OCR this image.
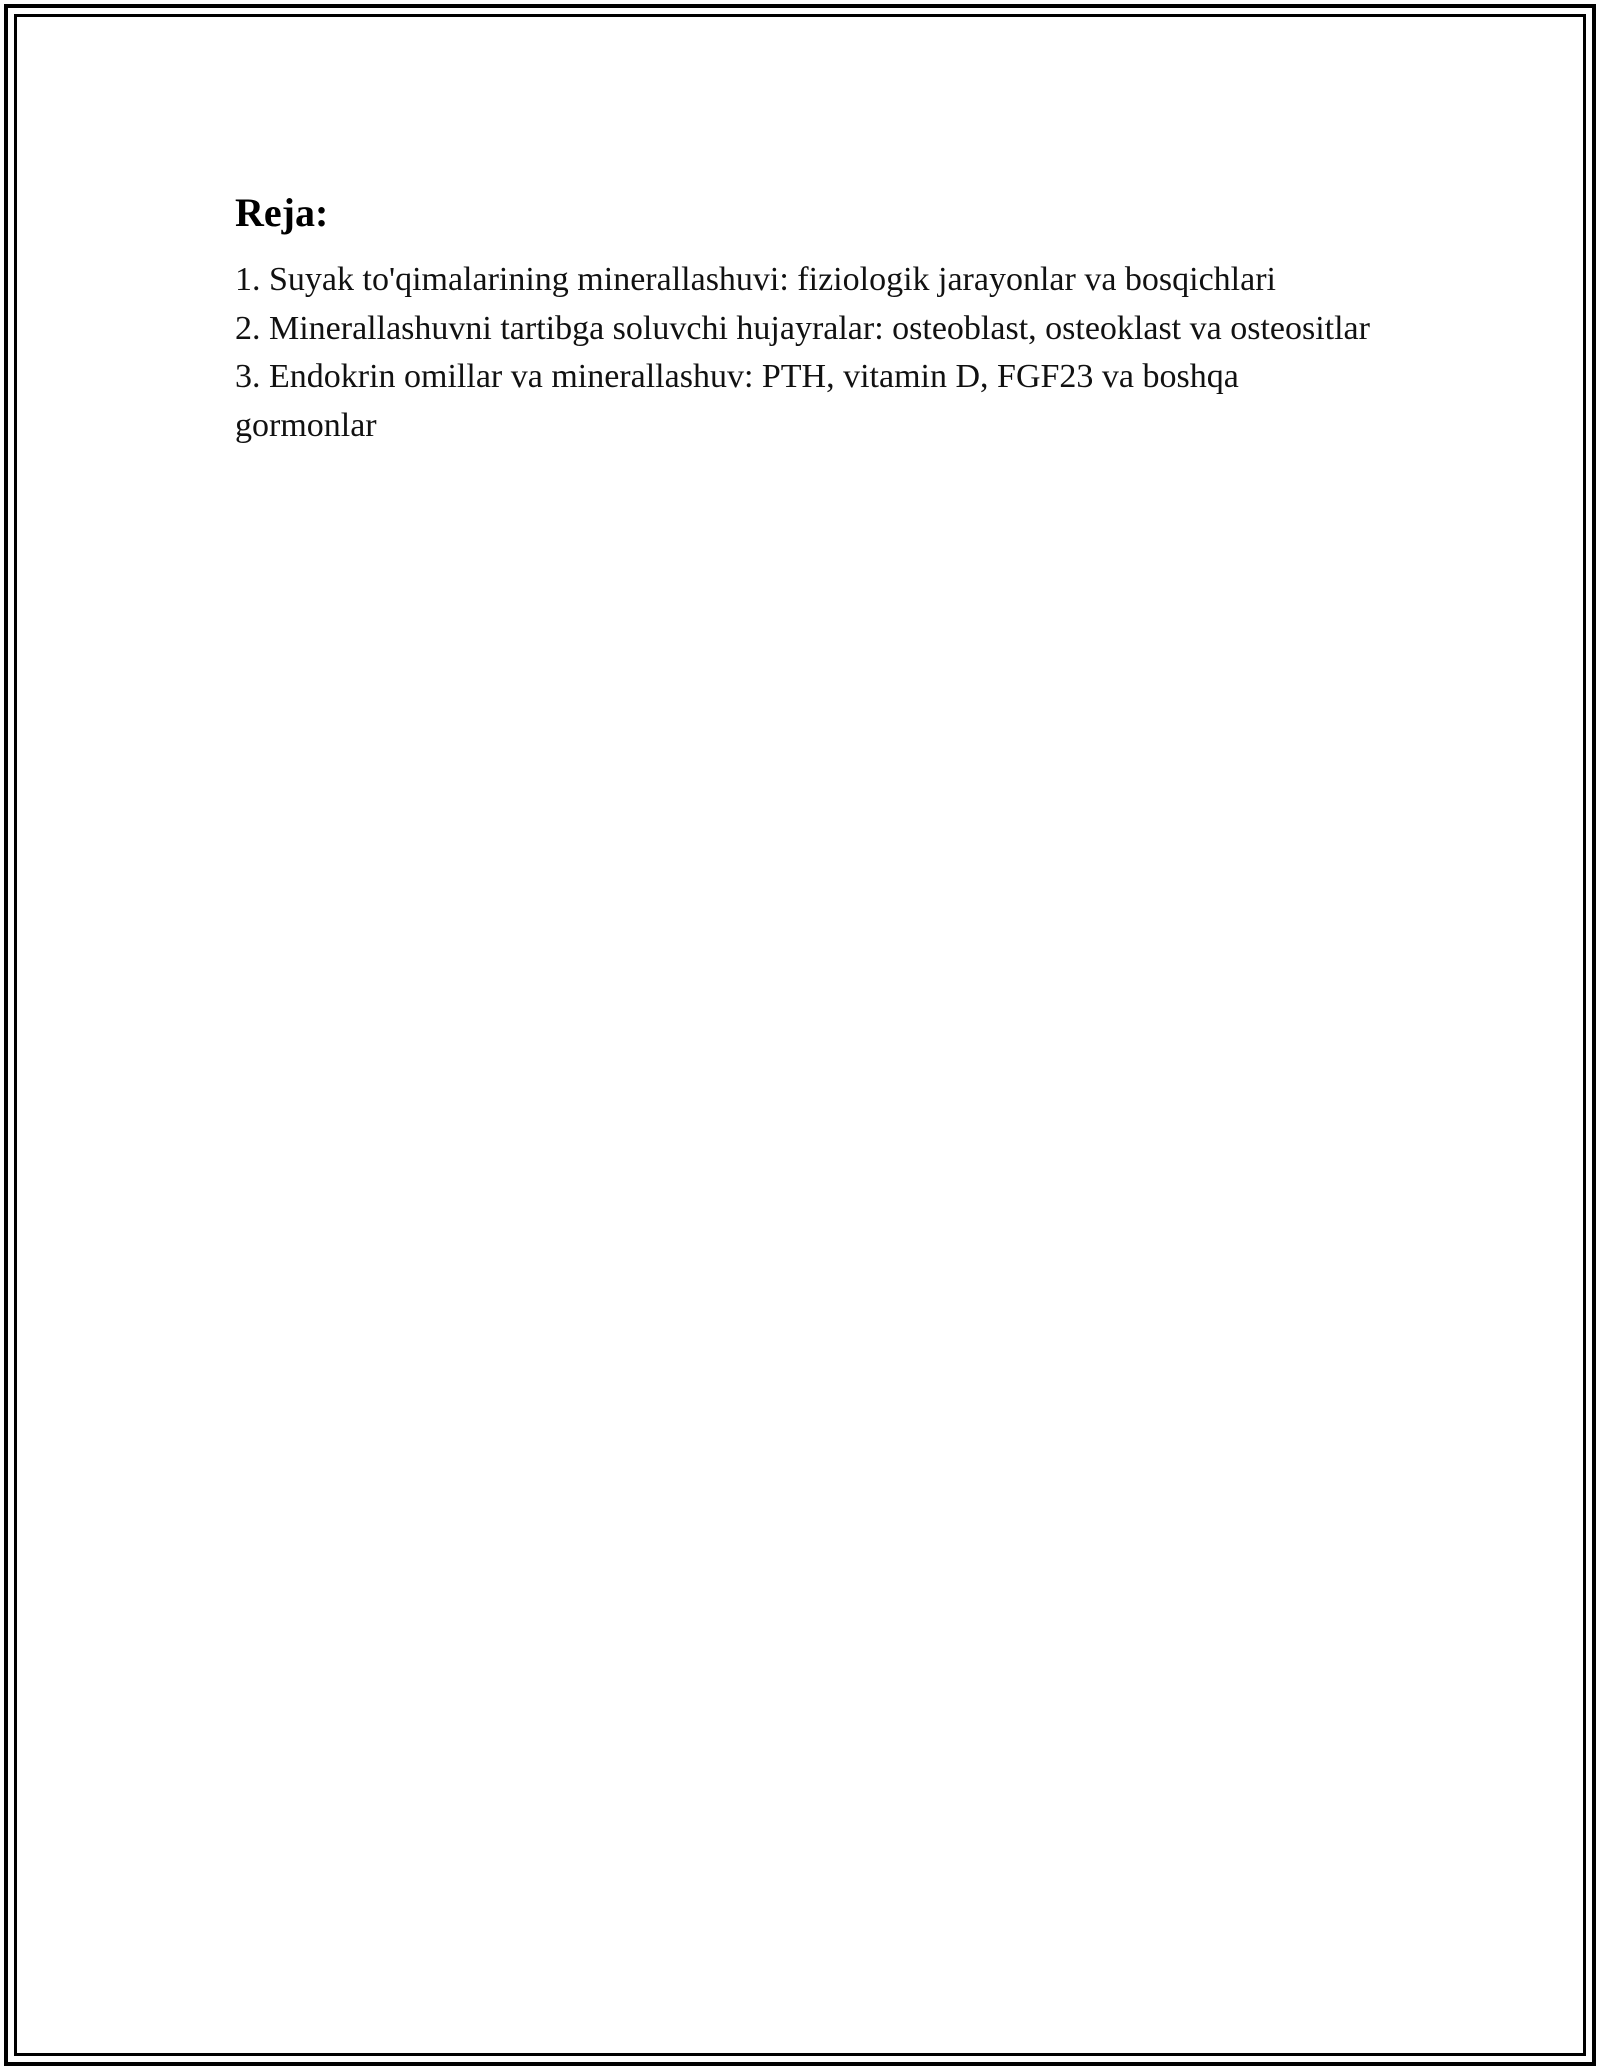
Reja:
1. Suyak to'qimalarining minerallashuvi: fiziologik jarayonlar va bosqichlari
2. Minerallashuvni tartibga soluvchi hujayralar: osteoblast, osteoklast va osteositlar
3. Endokrin omillar va minerallashuv: PTH, vitamin D, FGF23 va boshqa gormonlar
